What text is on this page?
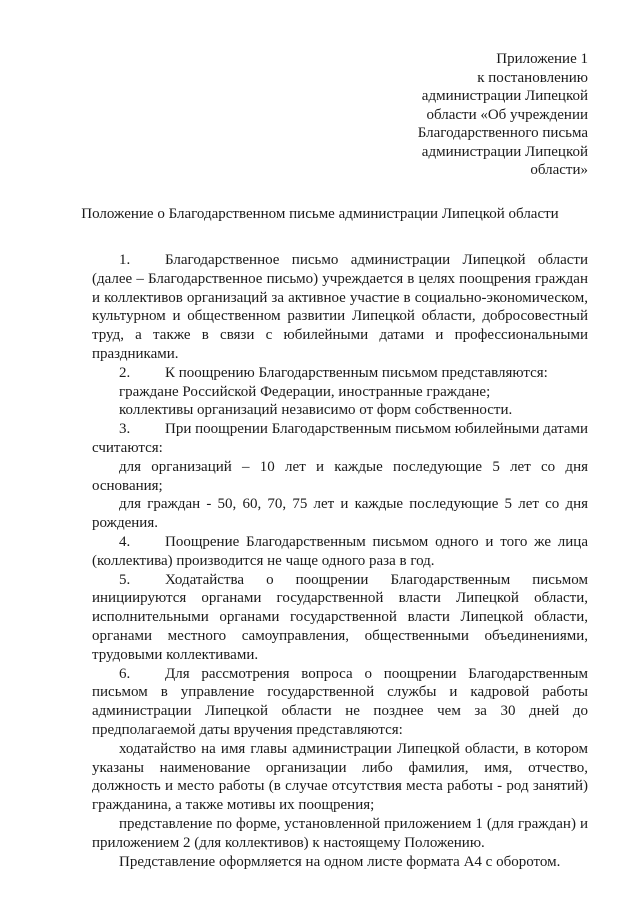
Приложение 1
к постановлению
администрации Липецкой
области «Об учреждении
Благодарственного письма
администрации Липецкой
области»
Положение о Благодарственном письме администрации Липецкой области

1. Благодарственное письмо администрации Липецкой области (далее – Благодарственное письмо) учреждается в целях поощрения граждан и коллективов организаций за активное участие в социально-экономическом, культурном и общественном развитии Липецкой области, добросовестный труд, а также в связи с юбилейными датами и профессиональными праздниками.

2. К поощрению Благодарственным письмом представляются:

граждане Российской Федерации, иностранные граждане;

коллективы организаций независимо от форм собственности.

3. При поощрении Благодарственным письмом юбилейными датами считаются:

для организаций – 10 лет и каждые последующие 5 лет со дня основания;

для граждан - 50, 60, 70, 75 лет и каждые последующие 5 лет со дня рождения.

4. Поощрение Благодарственным письмом одного и того же лица (коллектива) производится не чаще одного раза в год.

5. Ходатайства о поощрении Благодарственным письмом инициируются органами государственной власти Липецкой области, исполнительными органами государственной власти Липецкой области, органами местного самоуправления, общественными объединениями, трудовыми коллективами.

6. Для рассмотрения вопроса о поощрении Благодарственным письмом в управление государственной службы и кадровой работы администрации Липецкой области не позднее чем за 30 дней до предполагаемой даты вручения представляются:

ходатайство на имя главы администрации Липецкой области, в котором указаны наименование организации либо фамилия, имя, отчество, должность и место работы (в случае отсутствия места работы - род занятий) гражданина, а также мотивы их поощрения;

представление по форме, установленной приложением 1 (для граждан) и приложением 2 (для коллективов) к настоящему Положению.

Представление оформляется на одном листе формата А4 с оборотом.
